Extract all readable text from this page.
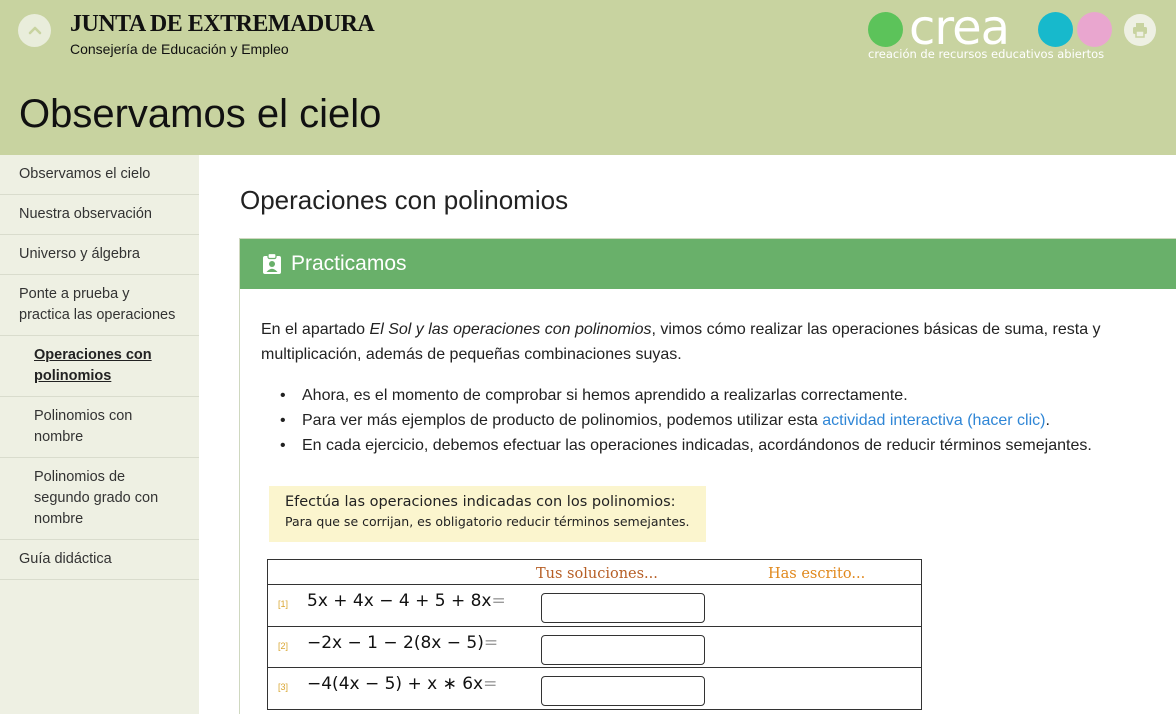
JUNTA DE EXTREMADURA
Consejería de Educación y Empleo	crea
creación de recursos educativos abiertos
Observamos el cielo
Observamos el cielo
Nuestra observación
Universo y álgebra
Ponte a prueba y practica las operaciones
Operaciones con polinomios
Polinomios con nombre
Polinomios de segundo grado con nombre
Guía didáctica
Operaciones con polinomios
Practicamos

En el apartado El Sol y las operaciones con polinomios, vimos cómo realizar las operaciones básicas de suma, resta y multiplicación, además de pequeñas combinaciones suyas.

• Ahora, es el momento de comprobar si hemos aprendido a realizarlas correctamente.
• Para ver más ejemplos de producto de polinomios, podemos utilizar esta actividad interactiva (hacer clic).
• En cada ejercicio, debemos efectuar las operaciones indicadas, acordándonos de reducir términos semejantes.
Efectúa las operaciones indicadas con los polinomios:
Para que se corrijan, es obligatorio reducir términos semejantes.
Tus soluciones...	Has escrito...
[1] 5x + 4x − 4 + 5 + 8x=
[2] −2x − 1 − 2(8x − 5)=
[3] −4(4x − 5) + x ∗ 6x=
